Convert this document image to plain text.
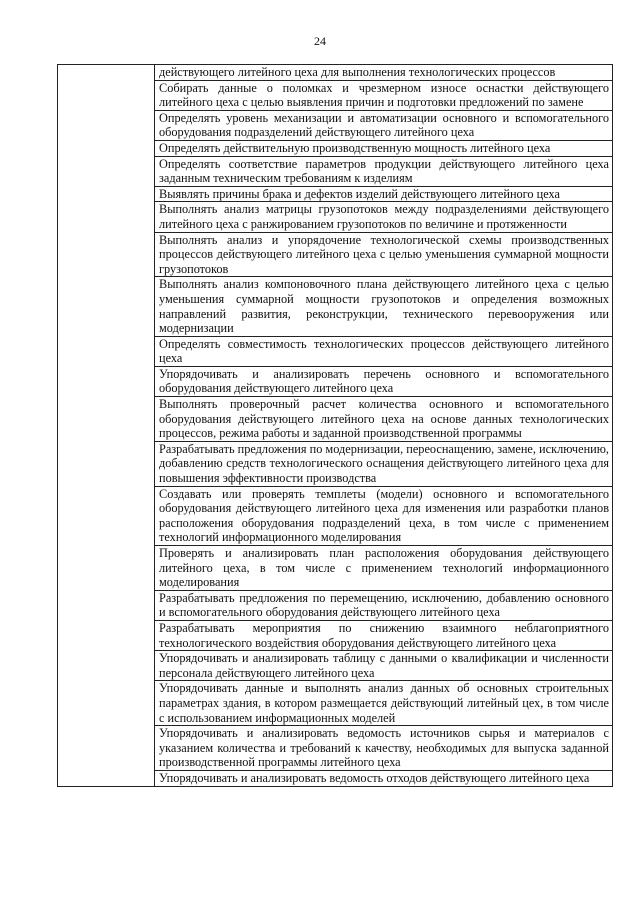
24
	действующего литейного цеха для выполнения технологических процессов
Собирать данные о поломках и чрезмерном износе оснастки действующего литейного цеха с целью выявления причин и подготовки предложений по замене
Определять уровень механизации и автоматизации основного и вспомогательного оборудования подразделений действующего литейного цеха
Определять действительную производственную мощность литейного цеха
Определять соответствие параметров продукции действующего литейного цеха заданным техническим требованиям к изделиям
Выявлять причины брака и дефектов изделий действующего литейного цеха
Выполнять анализ матрицы грузопотоков между подразделениями действующего литейного цеха с ранжированием грузопотоков по величине и протяженности
Выполнять анализ и упорядочение технологической схемы производственных процессов действующего литейного цеха с целью уменьшения суммарной мощности грузопотоков
Выполнять анализ компоновочного плана действующего литейного цеха с целью уменьшения суммарной мощности грузопотоков и определения возможных направлений развития, реконструкции, технического перевооружения или модернизации
Определять совместимость технологических процессов действующего литейного цеха
Упорядочивать и анализировать перечень основного и вспомогательного оборудования действующего литейного цеха
Выполнять проверочный расчет количества основного и вспомогательного оборудования действующего литейного цеха на основе данных технологических процессов, режима работы и заданной производственной программы
Разрабатывать предложения по модернизации, переоснащению, замене, исключению, добавлению средств технологического оснащения действующего литейного цеха для повышения эффективности производства
Создавать или проверять темплеты (модели) основного и вспомогательного оборудования действующего литейного цеха для изменения или разработки планов расположения оборудования подразделений цеха, в том числе с применением технологий информационного моделирования
Проверять и анализировать план расположения оборудования действующего литейного цеха, в том числе с применением технологий информационного моделирования
Разрабатывать предложения по перемещению, исключению, добавлению основного и вспомогательного оборудования действующего литейного цеха
Разрабатывать мероприятия по снижению взаимного неблагоприятного технологического воздействия оборудования действующего литейного цеха
Упорядочивать и анализировать таблицу с данными о квалификации и численности персонала действующего литейного цеха
Упорядочивать данные и выполнять анализ данных об основных строительных параметрах здания, в котором размещается действующий литейный цех, в том числе с использованием информационных моделей
Упорядочивать и анализировать ведомость источников сырья и материалов с указанием количества и требований к качеству, необходимых для выпуска заданной производственной программы литейного цеха
Упорядочивать и анализировать ведомость отходов действующего литейного цеха
